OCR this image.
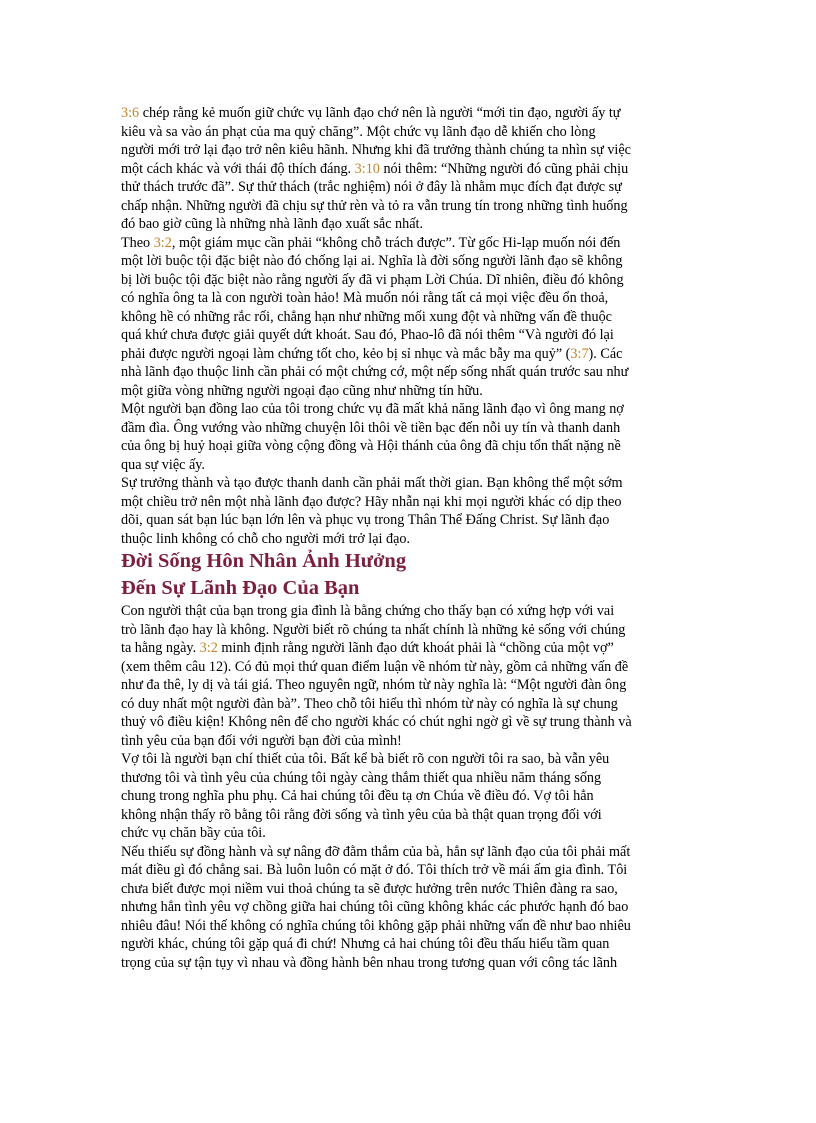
3:6 chép rằng kẻ muốn giữ chức vụ lãnh đạo chớ nên là người “mới tin đạo, người ấy tự
kiêu và sa vào án phạt của ma quỷ chăng”. Một chức vụ lãnh đạo dễ khiến cho lòng
người mới trở lại đạo trở nên kiêu hãnh. Nhưng khi đã trưởng thành chúng ta nhìn sự việc
một cách khác và với thái độ thích đáng. 3:10 nói thêm: “Những người đó cũng phải chịu
thử thách trước đã”. Sự thử thách (trắc nghiệm) nói ở đây là nhằm mục đích đạt được sự
chấp nhận. Những người đã chịu sự thử rèn và tỏ ra vẫn trung tín trong những tình huống
đó bao giờ cũng là những nhà lãnh đạo xuất sắc nhất.
Theo 3:2, một giám mục cần phải “không chỗ trách được”. Từ gốc Hi-lạp muốn nói đến
một lời buộc tội đặc biệt nào đó chống lại ai. Nghĩa là đời sống người lãnh đạo sẽ không
bị lời buộc tội đặc biệt nào rằng người ấy đã vi phạm Lời Chúa. Dĩ nhiên, điều đó không
có nghĩa ông ta là con người toàn hảo! Mà muốn nói rằng tất cả mọi việc đều ổn thoả,
không hề có những rắc rối, chẳng hạn như những mối xung đột và những vấn đề thuộc
quá khứ chưa được giải quyết dứt khoát. Sau đó, Phao-lô đã nói thêm “Và người đó lại
phải được người ngoại làm chứng tốt cho, kẻo bị sỉ nhục và mắc bẫy ma quỷ” (3:7). Các
nhà lãnh đạo thuộc linh cần phải có một chứng cớ, một nếp sống nhất quán trước sau như
một giữa vòng những người ngoại đạo cũng như những tín hữu.
Một người bạn đồng lao của tôi trong chức vụ đã mất khả năng lãnh đạo vì ông mang nợ
đầm đìa. Ông vướng vào những chuyện lôi thôi về tiền bạc đến nỗi uy tín và thanh danh
của ông bị huỷ hoại giữa vòng cộng đồng và Hội thánh của ông đã chịu tổn thất nặng nề
qua sự việc ấy.
Sự trưởng thành và tạo được thanh danh cần phải mất thời gian. Bạn không thể một sớm
một chiều trở nên một nhà lãnh đạo được? Hãy nhẫn nại khi mọi người khác có dịp theo
dõi, quan sát bạn lúc bạn lớn lên và phục vụ trong Thân Thể Đấng Christ. Sự lãnh đạo
thuộc linh không có chỗ cho người mới trở lại đạo.
Đời Sống Hôn Nhân Ảnh Hưởng
Đến Sự Lãnh Đạo Của Bạn
Con người thật của bạn trong gia đình là bằng chứng cho thấy bạn có xứng hợp với vai
trò lãnh đạo hay là không. Người biết rõ chúng ta nhất chính là những kẻ sống với chúng
ta hằng ngày. 3:2 minh định rằng người lãnh đạo dứt khoát phải là “chồng của một vợ”
(xem thêm câu 12). Có đủ mọi thứ quan điểm luận về nhóm từ này, gồm cả những vấn đề
như đa thê, ly dị và tái giá. Theo nguyên ngữ, nhóm từ này nghĩa là: “Một người đàn ông
có duy nhất một người đàn bà”. Theo chỗ tôi hiểu thì nhóm từ này có nghĩa là sự chung
thuỷ vô điều kiện! Không nên để cho người khác có chút nghi ngờ gì về sự trung thành và
tình yêu của bạn đối với người bạn đời của mình!
Vợ tôi là người bạn chí thiết của tôi. Bất kể bà biết rõ con người tôi ra sao, bà vẫn yêu
thương tôi và tình yêu của chúng tôi ngày càng thắm thiết qua nhiều năm tháng sống
chung trong nghĩa phu phụ. Cả hai chúng tôi đều tạ ơn Chúa về điều đó. Vợ tôi hẳn
không nhận thấy rõ bằng tôi rằng đời sống và tình yêu của bà thật quan trọng đối với
chức vụ chăn bầy của tôi.
Nếu thiếu sự đồng hành và sự nâng đỡ đằm thắm của bà, hẳn sự lãnh đạo của tôi phải mất
mát điều gì đó chẳng sai. Bà luôn luôn có mặt ở đó. Tôi thích trở về mái ấm gia đình. Tôi
chưa biết được mọi niềm vui thoả chúng ta sẽ được hưởng trên nước Thiên đàng ra sao,
nhưng hẳn tình yêu vợ chồng giữa hai chúng tôi cũng không khác các phước hạnh đó bao
nhiêu đâu! Nói thế không có nghĩa chúng tôi không gặp phải những vấn đề như bao nhiêu
người khác, chúng tôi gặp quá đi chứ! Nhưng cả hai chúng tôi đều thấu hiểu tầm quan
trọng của sự tận tụy vì nhau và đồng hành bên nhau trong tương quan với công tác lãnh
